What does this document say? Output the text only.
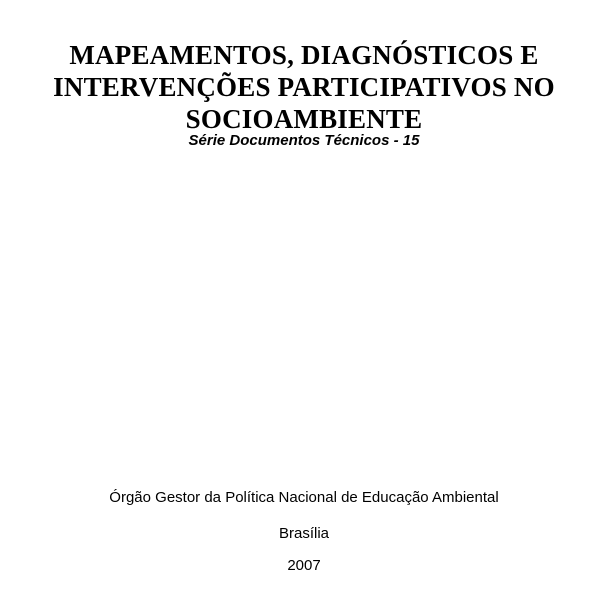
MAPEAMENTOS, DIAGNÓSTICOS E
INTERVENÇÕES PARTICIPATIVOS NO
SOCIOAMBIENTE
Série Documentos Técnicos - 15
Órgão Gestor da Política Nacional de Educação Ambiental
Brasília
2007
